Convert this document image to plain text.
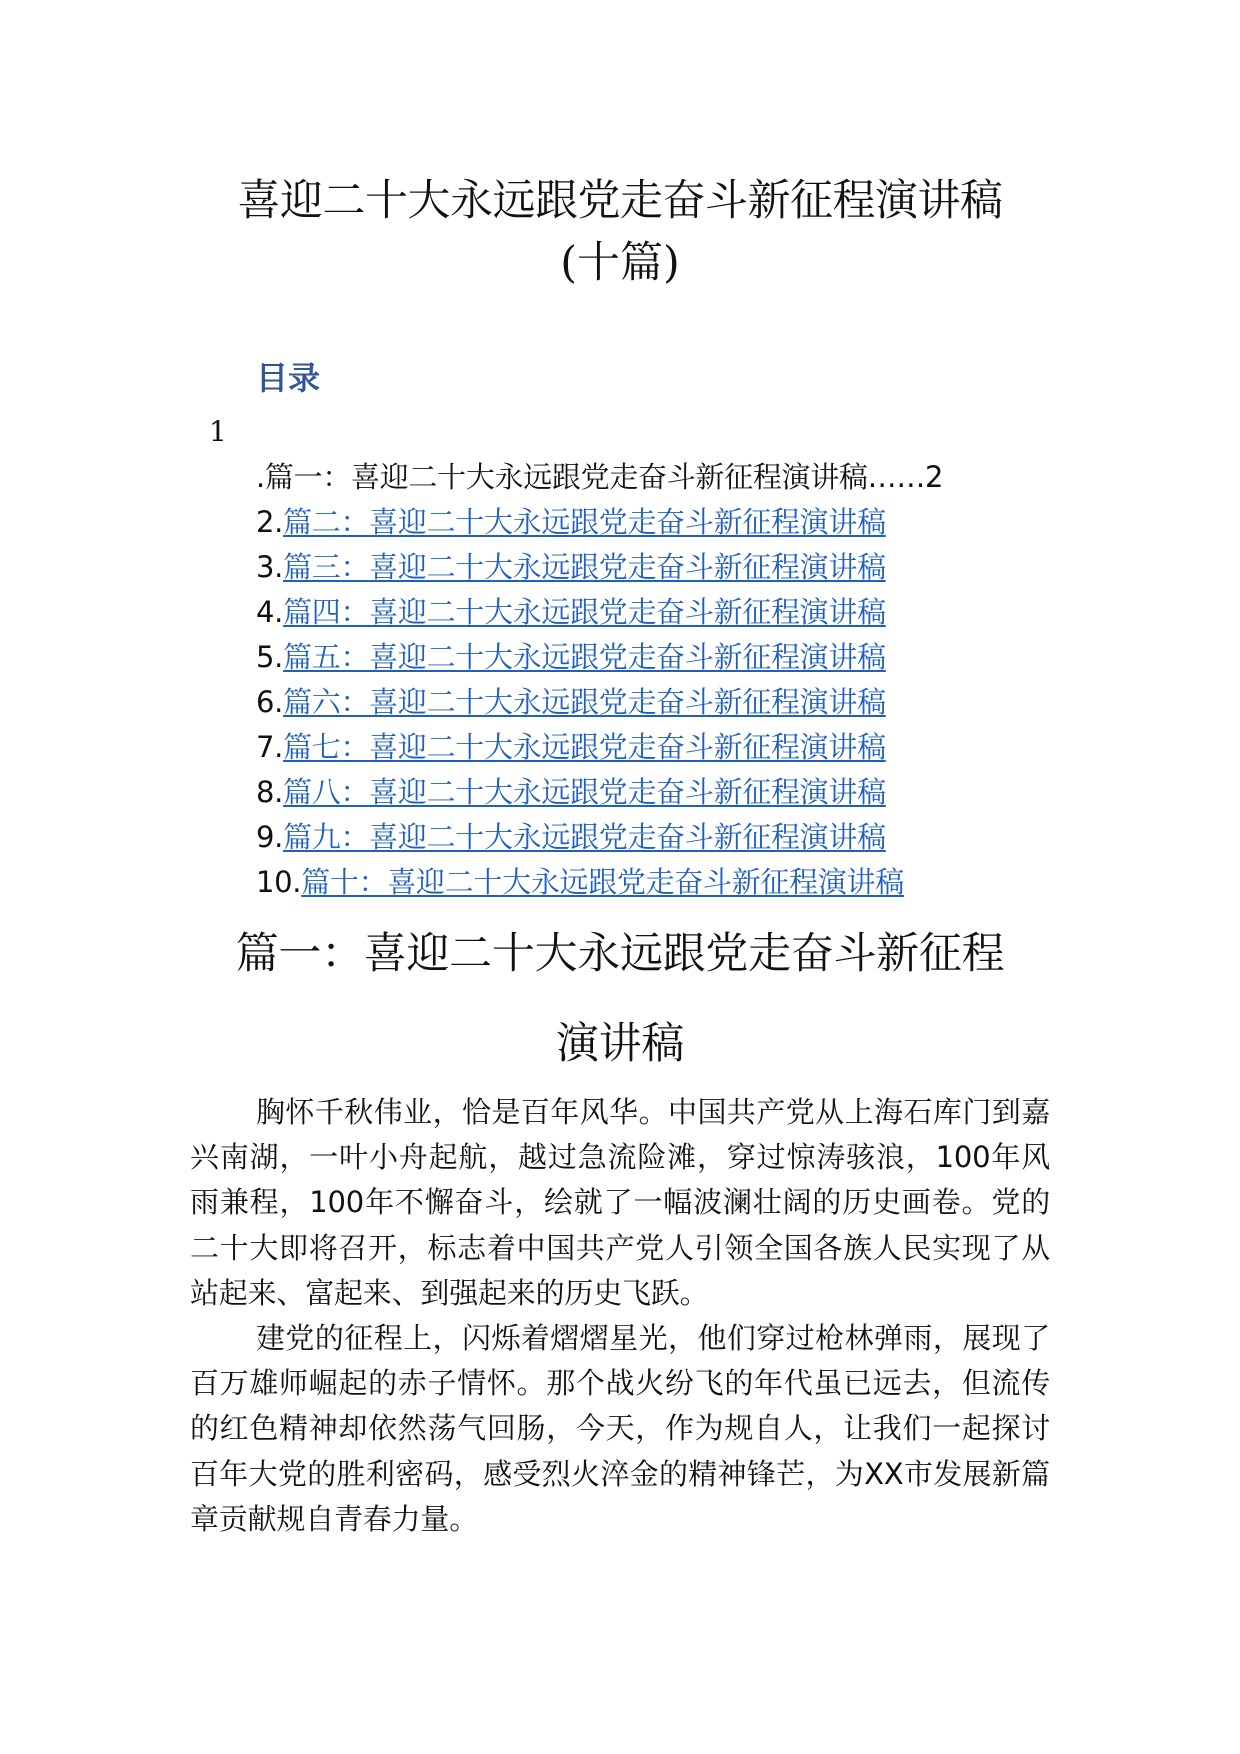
喜迎二十大永远跟党走奋斗新征程演讲稿
(十篇)
目录
1
.篇一：喜迎二十大永远跟党走奋斗新征程演讲稿……2
2.篇二：喜迎二十大永远跟党走奋斗新征程演讲稿
3.篇三：喜迎二十大永远跟党走奋斗新征程演讲稿
4.篇四：喜迎二十大永远跟党走奋斗新征程演讲稿
5.篇五：喜迎二十大永远跟党走奋斗新征程演讲稿
6.篇六：喜迎二十大永远跟党走奋斗新征程演讲稿
7.篇七：喜迎二十大永远跟党走奋斗新征程演讲稿
8.篇八：喜迎二十大永远跟党走奋斗新征程演讲稿
9.篇九：喜迎二十大永远跟党走奋斗新征程演讲稿
10.篇十：喜迎二十大永远跟党走奋斗新征程演讲稿
篇一：喜迎二十大永远跟党走奋斗新征程
演讲稿

胸怀千秋伟业，恰是百年风华。中国共产党从上海石库门到嘉兴南湖，一叶小舟起航，越过急流险滩，穿过惊涛骇浪，100年风雨兼程，100年不懈奋斗，绘就了一幅波澜壮阔的历史画卷。党的二十大即将召开，标志着中国共产党人引领全国各族人民实现了从站起来、富起来、到强起来的历史飞跃。

建党的征程上，闪烁着熠熠星光，他们穿过枪林弹雨，展现了百万雄师崛起的赤子情怀。那个战火纷飞的年代虽已远去，但流传的红色精神却依然荡气回肠，今天，作为规自人，让我们一起探讨百年大党的胜利密码，感受烈火淬金的精神锋芒，为XX市发展新篇章贡献规自青春力量。
